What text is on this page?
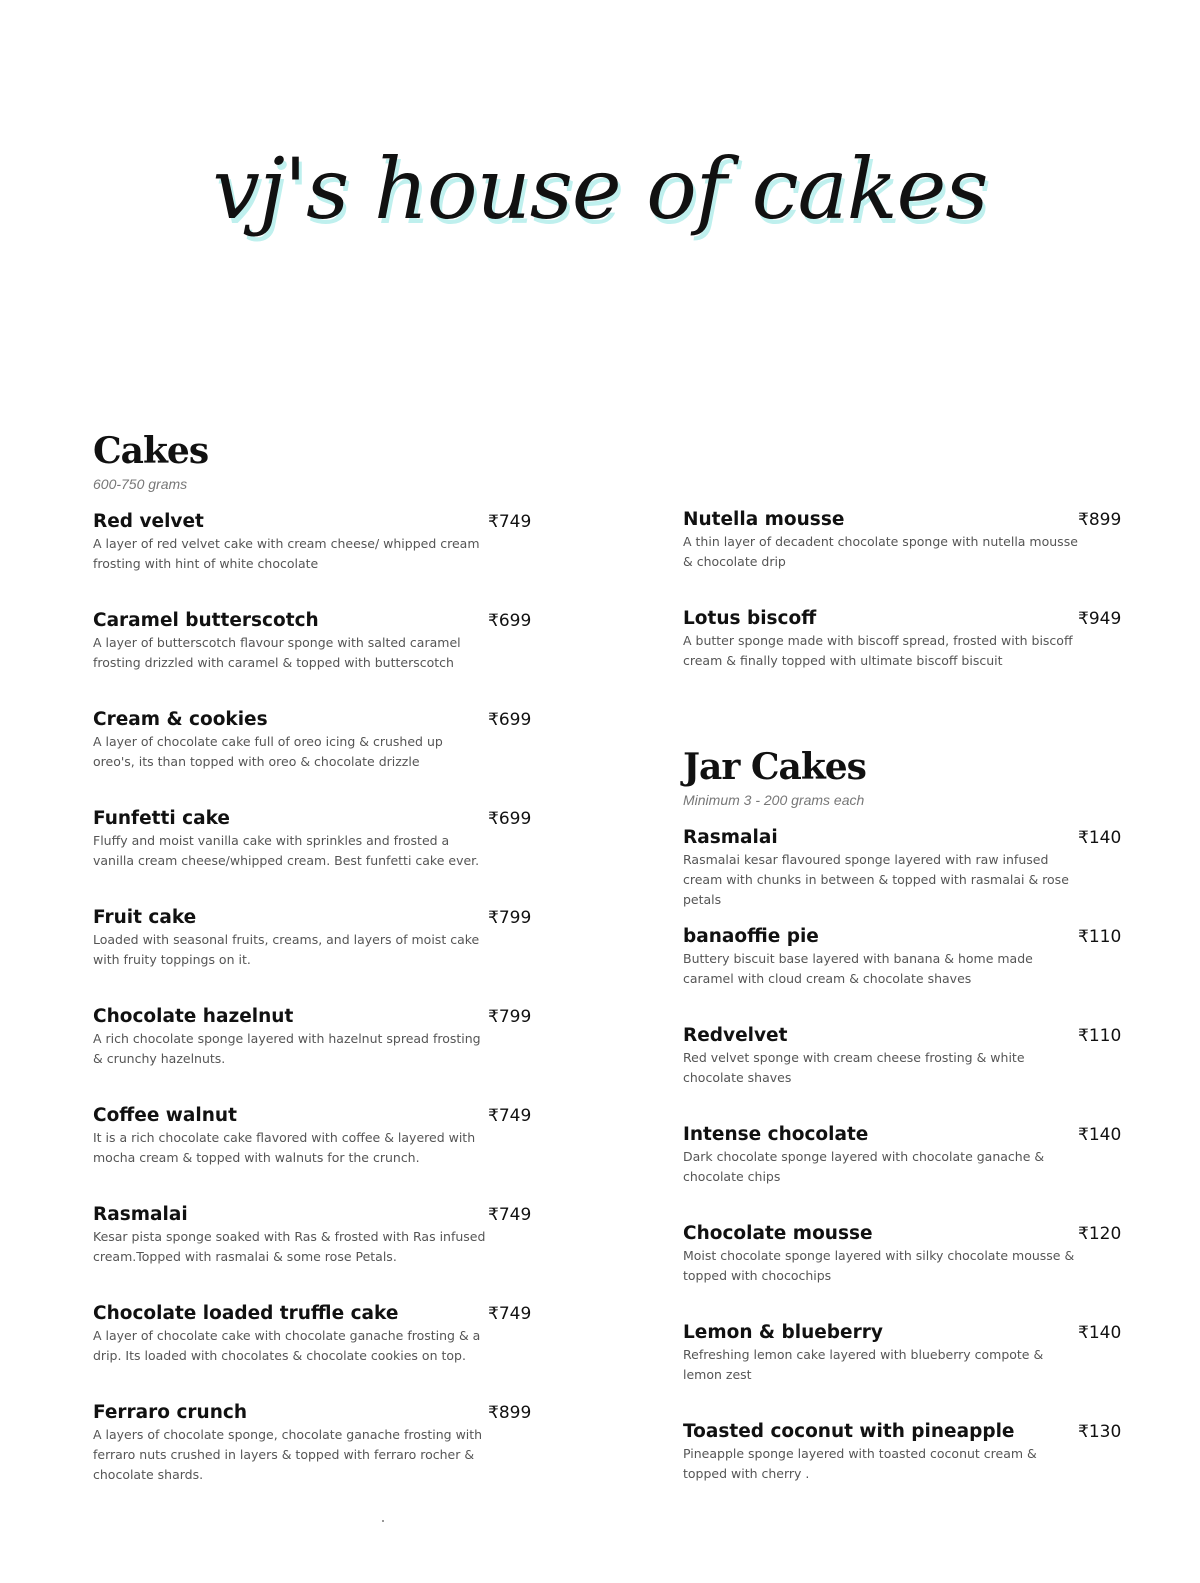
vj's house of cakes
Cakes
600-750 grams
Red velvet	₹749
A layer of red velvet cake with cream cheese/ whipped cream frosting with hint of white chocolate
Caramel butterscotch	₹699
A layer of butterscotch flavour sponge with salted caramel frosting drizzled with caramel & topped with butterscotch
Cream & cookies	₹699
A layer of chocolate cake full of oreo icing & crushed up oreo's, its than topped with oreo & chocolate drizzle
Funfetti cake	₹699
Fluffy and moist vanilla cake with sprinkles and frosted a vanilla cream cheese/whipped cream. Best funfetti cake ever.
Fruit cake	₹799
Loaded with seasonal fruits, creams, and layers of moist cake with fruity toppings on it.
Chocolate hazelnut	₹799
A rich chocolate sponge layered with hazelnut spread frosting & crunchy hazelnuts.
Coffee walnut	₹749
It is a rich chocolate cake flavored with coffee & layered with mocha cream & topped with walnuts for the crunch.
Rasmalai	₹749
Kesar pista sponge soaked with Ras & frosted with Ras infused cream.Topped with rasmalai & some rose Petals.
Chocolate loaded truffle cake	₹749
A layer of chocolate cake with chocolate ganache frosting & a drip. Its loaded with chocolates & chocolate cookies on top.
Ferraro crunch	₹899
A layers of chocolate sponge, chocolate ganache frosting with ferraro nuts crushed in layers & topped with ferraro rocher & chocolate shards.
Nutella mousse	₹899
A thin layer of decadent chocolate sponge with nutella mousse & chocolate drip
Lotus biscoff	₹949
A butter sponge made with biscoff spread, frosted with biscoff cream & finally topped with ultimate biscoff biscuit
Jar Cakes
Minimum 3 - 200 grams each
Rasmalai	₹140
Rasmalai kesar flavoured sponge layered with raw infused cream with chunks in between & topped with rasmalai & rose petals
banaoffie pie	₹110
Buttery biscuit base layered with banana & home made caramel with cloud cream & chocolate shaves
Redvelvet	₹110
Red velvet sponge with cream cheese frosting & white chocolate shaves
Intense chocolate	₹140
Dark chocolate sponge layered with chocolate ganache & chocolate chips
Chocolate mousse	₹120
Moist chocolate sponge layered with silky chocolate mousse & topped with chocochips
Lemon & blueberry	₹140
Refreshing lemon cake layered with blueberry compote & lemon zest
Toasted coconut with pineapple	₹130
Pineapple sponge layered with toasted coconut cream & topped with cherry .
